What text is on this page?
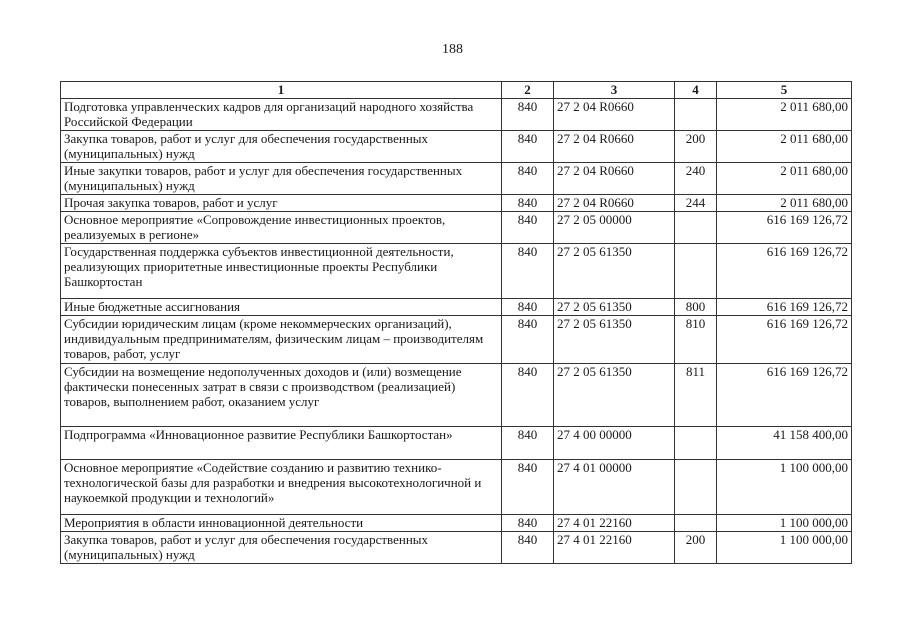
188
1	2	3	4	5
Подготовка управленческих кадров для организаций народного хозяйства Российской Федерации	840	27 2 04 R0660		2 011 680,00
Закупка товаров, работ и услуг для обеспечения государственных (муниципальных) нужд	840	27 2 04 R0660	200	2 011 680,00
Иные закупки товаров, работ и услуг для обеспечения государственных (муниципальных) нужд	840	27 2 04 R0660	240	2 011 680,00
Прочая закупка товаров, работ и услуг	840	27 2 04 R0660	244	2 011 680,00
Основное мероприятие «Сопровождение инвестиционных проектов, реализуемых в регионе»	840	27 2 05 00000		616 169 126,72
Государственная поддержка субъектов инвестиционной деятельности, реализующих приоритетные инвестиционные проекты Республики Башкортостан	840	27 2 05 61350		616 169 126,72
Иные бюджетные ассигнования	840	27 2 05 61350	800	616 169 126,72
Субсидии юридическим лицам (кроме некоммерческих организаций), индивидуальным предпринимателям, физическим лицам – производителям товаров, работ, услуг	840	27 2 05 61350	810	616 169 126,72
Субсидии на возмещение недополученных доходов и (или) возмещение фактически понесенных затрат в связи с производством (реализацией) товаров, выполнением работ, оказанием услуг	840	27 2 05 61350	811	616 169 126,72
Подпрограмма «Инновационное развитие Республики Башкортостан»	840	27 4 00 00000		41 158 400,00
Основное мероприятие «Содействие созданию и развитию технико-технологической базы для разработки и внедрения высокотехнологичной и наукоемкой продукции и технологий»	840	27 4 01 00000		1 100 000,00
Мероприятия в области инновационной деятельности	840	27 4 01 22160		1 100 000,00
Закупка товаров, работ и услуг для обеспечения государственных (муниципальных) нужд	840	27 4 01 22160	200	1 100 000,00
